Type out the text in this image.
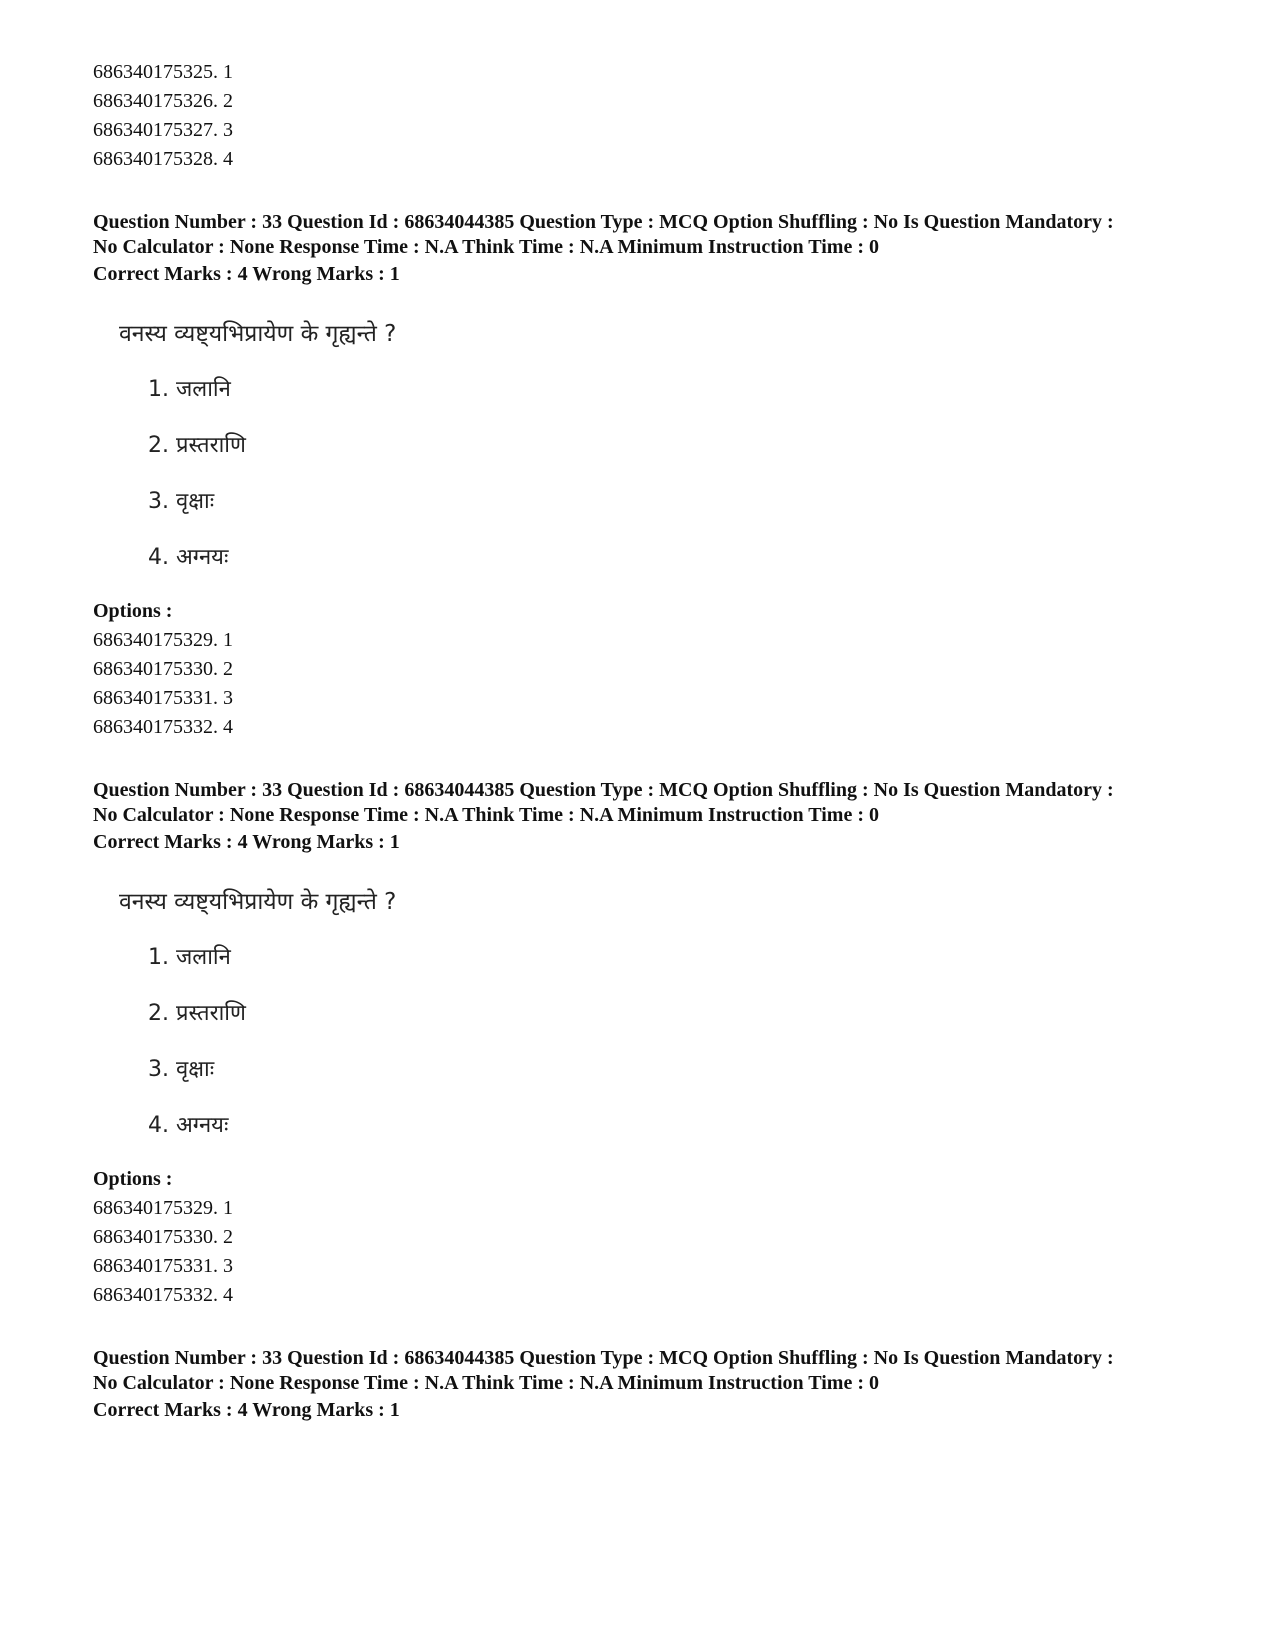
686340175325. 1
686340175326. 2
686340175327. 3
686340175328. 4
Question Number : 33 Question Id : 68634044385 Question Type : MCQ Option Shuffling : No Is Question Mandatory :
No Calculator : None Response Time : N.A Think Time : N.A Minimum Instruction Time : 0
Correct Marks : 4 Wrong Marks : 1
वनस्य व्यष्ट्यभिप्रायेण के गृह्यन्ते ?
1. जलानि
2. प्रस्तराणि
3. वृक्षाः
4. अग्नयः
Options :
686340175329. 1
686340175330. 2
686340175331. 3
686340175332. 4
Question Number : 33 Question Id : 68634044385 Question Type : MCQ Option Shuffling : No Is Question Mandatory :
No Calculator : None Response Time : N.A Think Time : N.A Minimum Instruction Time : 0
Correct Marks : 4 Wrong Marks : 1
वनस्य व्यष्ट्यभिप्रायेण के गृह्यन्ते ?
1. जलानि
2. प्रस्तराणि
3. वृक्षाः
4. अग्नयः
Options :
686340175329. 1
686340175330. 2
686340175331. 3
686340175332. 4
Question Number : 33 Question Id : 68634044385 Question Type : MCQ Option Shuffling : No Is Question Mandatory :
No Calculator : None Response Time : N.A Think Time : N.A Minimum Instruction Time : 0
Correct Marks : 4 Wrong Marks : 1
